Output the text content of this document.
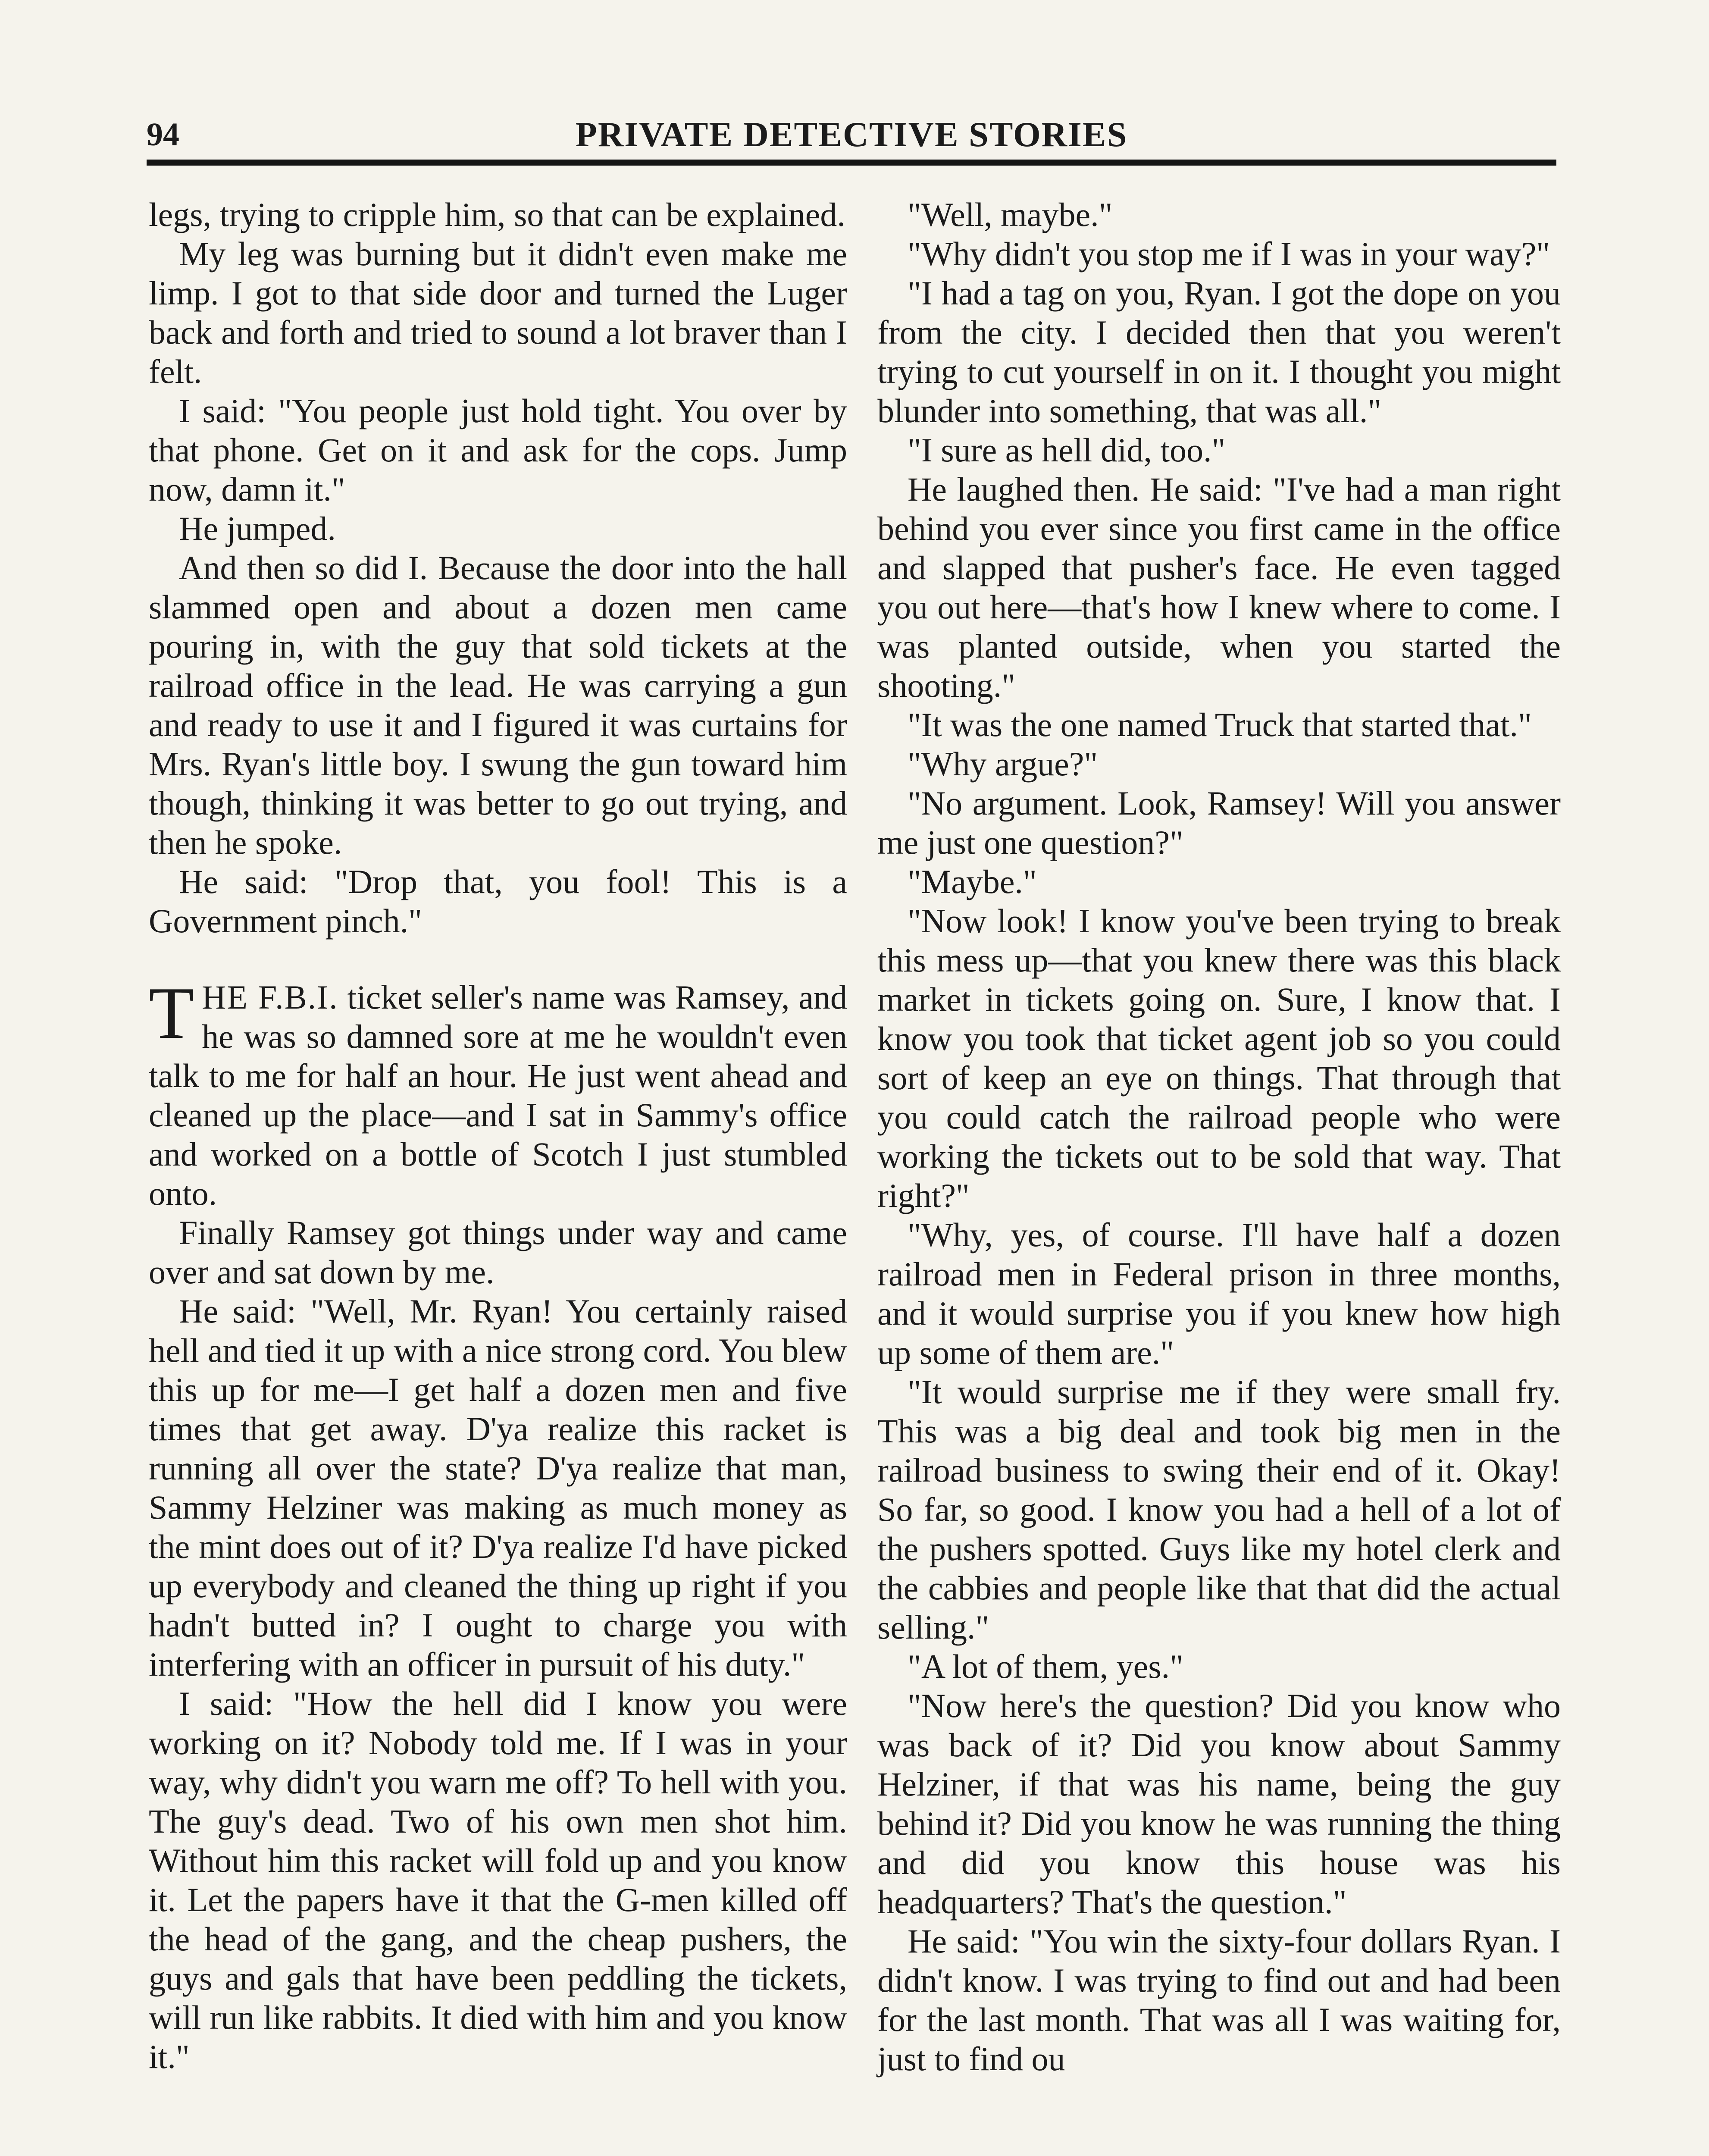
94	PRIVATE DETECTIVE STORIES

legs, trying to cripple him, so that can be explained.

My leg was burning but it didn't even make me limp. I got to that side door and turned the Luger back and forth and tried to sound a lot braver than I felt.

I said: "You people just hold tight. You over by that phone. Get on it and ask for the cops. Jump now, damn it."

He jumped.

And then so did I. Because the door into the hall slammed open and about a dozen men came pouring in, with the guy that sold tickets at the railroad office in the lead. He was carrying a gun and ready to use it and I figured it was curtains for Mrs. Ryan's little boy. I swung the gun toward him though, thinking it was better to go out trying, and then he spoke.

He said: "Drop that, you fool! This is a Government pinch."

THE F.B.I. ticket seller's name was Ramsey, and he was so damned sore at me he wouldn't even talk to me for half an hour. He just went ahead and cleaned up the place—and I sat in Sammy's office and worked on a bottle of Scotch I just stumbled onto.

Finally Ramsey got things under way and came over and sat down by me.

He said: "Well, Mr. Ryan! You certainly raised hell and tied it up with a nice strong cord. You blew this up for me—I get half a dozen men and five times that get away. D'ya realize this racket is running all over the state? D'ya realize that man, Sammy Helziner was making as much money as the mint does out of it? D'ya realize I'd have picked up everybody and cleaned the thing up right if you hadn't butted in? I ought to charge you with interfering with an officer in pursuit of his duty."

I said: "How the hell did I know you were working on it? Nobody told me. If I was in your way, why didn't you warn me off? To hell with you. The guy's dead. Two of his own men shot him. Without him this racket will fold up and you know it. Let the papers have it that the G-men killed off the head of the gang, and the cheap pushers, the guys and gals that have been peddling the tickets, will run like rabbits. It died with him and you know it."

"Well, maybe."

"Why didn't you stop me if I was in your way?"

"I had a tag on you, Ryan. I got the dope on you from the city. I decided then that you weren't trying to cut yourself in on it. I thought you might blunder into something, that was all."

"I sure as hell did, too."

He laughed then. He said: "I've had a man right behind you ever since you first came in the office and slapped that pusher's face. He even tagged you out here—that's how I knew where to come. I was planted outside, when you started the shooting."

"It was the one named Truck that started that."

"Why argue?"

"No argument. Look, Ramsey! Will you answer me just one question?"

"Maybe."

"Now look! I know you've been trying to break this mess up—that you knew there was this black market in tickets going on. Sure, I know that. I know you took that ticket agent job so you could sort of keep an eye on things. That through that you could catch the railroad people who were working the tickets out to be sold that way. That right?"

"Why, yes, of course. I'll have half a dozen railroad men in Federal prison in three months, and it would surprise you if you knew how high up some of them are."

"It would surprise me if they were small fry. This was a big deal and took big men in the railroad business to swing their end of it. Okay! So far, so good. I know you had a hell of a lot of the pushers spotted. Guys like my hotel clerk and the cabbies and people like that that did the actual selling."

"A lot of them, yes."

"Now here's the question? Did you know who was back of it? Did you know about Sammy Helziner, if that was his name, being the guy behind it? Did you know he was running the thing and did you know this house was his headquarters? That's the question."

He said: "You win the sixty-four dollars Ryan. I didn't know. I was trying to find out and had been for the last month. That was all I was waiting for, just to find ou
